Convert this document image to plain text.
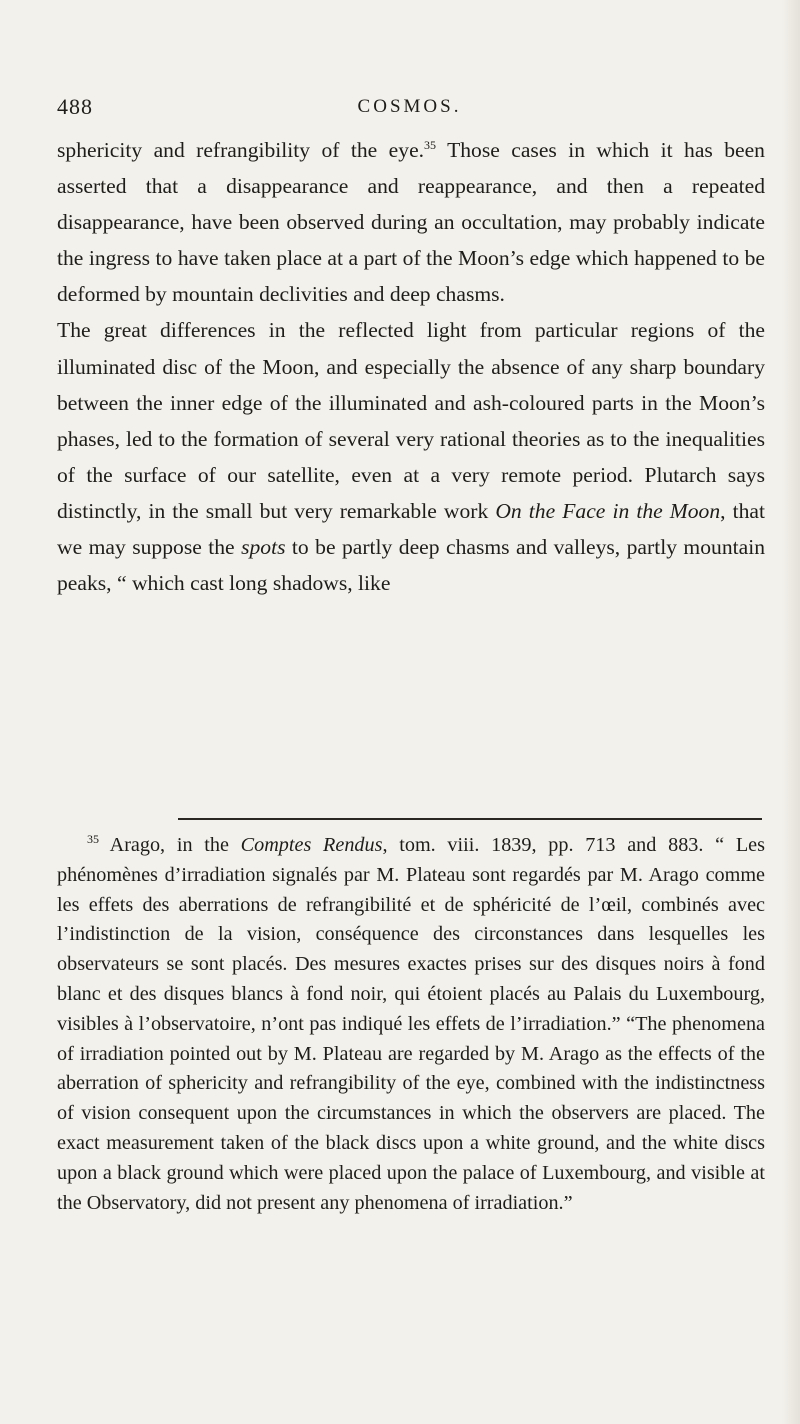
488	COSMOS.

sphericity and refrangibility of the eye.$^{35}$ Those cases in which it has been asserted that a disappearance and reappearance, and then a repeated disappearance, have been observed during an occultation, may probably indicate the ingress to have taken place at a part of the Moon’s edge which happened to be deformed by mountain declivities and deep chasms.

The great differences in the reflected light from particular regions of the illuminated disc of the Moon, and especially the absence of any sharp boundary between the inner edge of the illuminated and ash-coloured parts in the Moon’s phases, led to the formation of several very rational theories as to the inequalities of the surface of our satellite, even at a very remote period. Plutarch says distinctly, in the small but very remarkable work On the Face in the Moon, that we may suppose the spots to be partly deep chasms and valleys, partly mountain peaks, “ which cast long shadows, like

$^{35}$ Arago, in the Comptes Rendus, tom. viii. 1839, pp. 713 and 883. “ Les phénomènes d’irradiation signalés par M. Plateau sont regardés par M. Arago comme les effets des aberrations de refrangibilité et de sphéricité de l’œil, combinés avec l’indistinction de la vision, conséquence des circonstances dans lesquelles les observateurs se sont placés. Des mesures exactes prises sur des disques noirs à fond blanc et des disques blancs à fond noir, qui étoient placés au Palais du Luxembourg, visibles à l’observatoire, n’ont pas indiqué les effets de l’irradiation.” “The phenomena of irradiation pointed out by M. Plateau are regarded by M. Arago as the effects of the aberration of sphericity and refrangibility of the eye, combined with the indistinctness of vision consequent upon the circumstances in which the observers are placed. The exact measurement taken of the black discs upon a white ground, and the white discs upon a black ground which were placed upon the palace of Luxembourg, and visible at the Observatory, did not present any phenomena of irradiation.”
